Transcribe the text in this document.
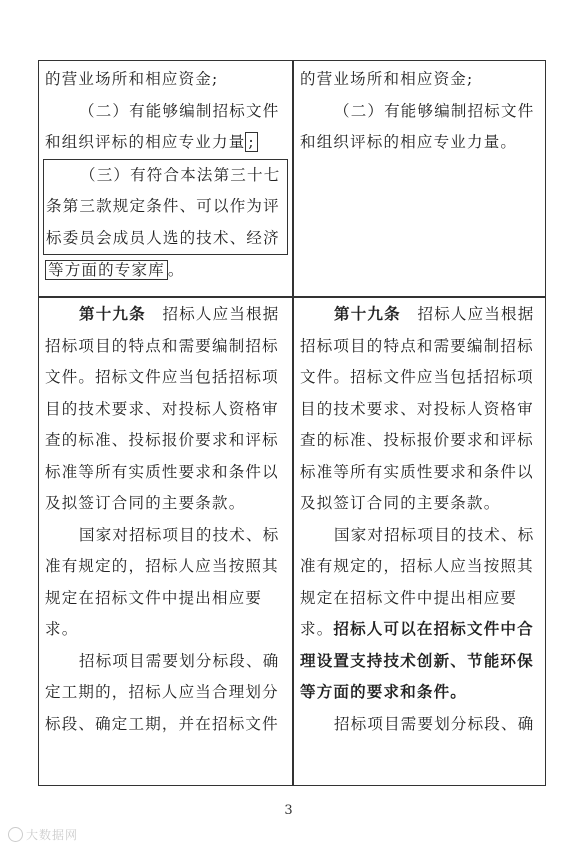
的营业场所和相应资金;
（二）有能够编制招标文件
和组织评标的相应专业力量 ;
（三）有符合本法第三十七
条第三款规定条件、可以作为评
标委员会成员人选的技术、经济
等方面的专家库 。
的营业场所和相应资金;
（二）有能够编制招标文件
和组织评标的相应专业力量。
第十九条　招标人应当根据
招标项目的特点和需要编制招标
文件。招标文件应当包括招标项
目的技术要求、对投标人资格审
查的标准、投标报价要求和评标
标准等所有实质性要求和条件以
及拟签订合同的主要条款。
国家对招标项目的技术、标
准有规定的，招标人应当按照其
规定在招标文件中提出相应要
求。
招标项目需要划分标段、确
定工期的，招标人应当合理划分
标段、确定工期，并在招标文件
第十九条　招标人应当根据
招标项目的特点和需要编制招标
文件。招标文件应当包括招标项
目的技术要求、对投标人资格审
查的标准、投标报价要求和评标
标准等所有实质性要求和条件以
及拟签订合同的主要条款。
国家对招标项目的技术、标
准有规定的，招标人应当按照其
规定在招标文件中提出相应要
求。招标人可以在招标文件中合
理设置支持技术创新、节能环保
等方面的要求和条件。
招标项目需要划分标段、确
3
大数据网
